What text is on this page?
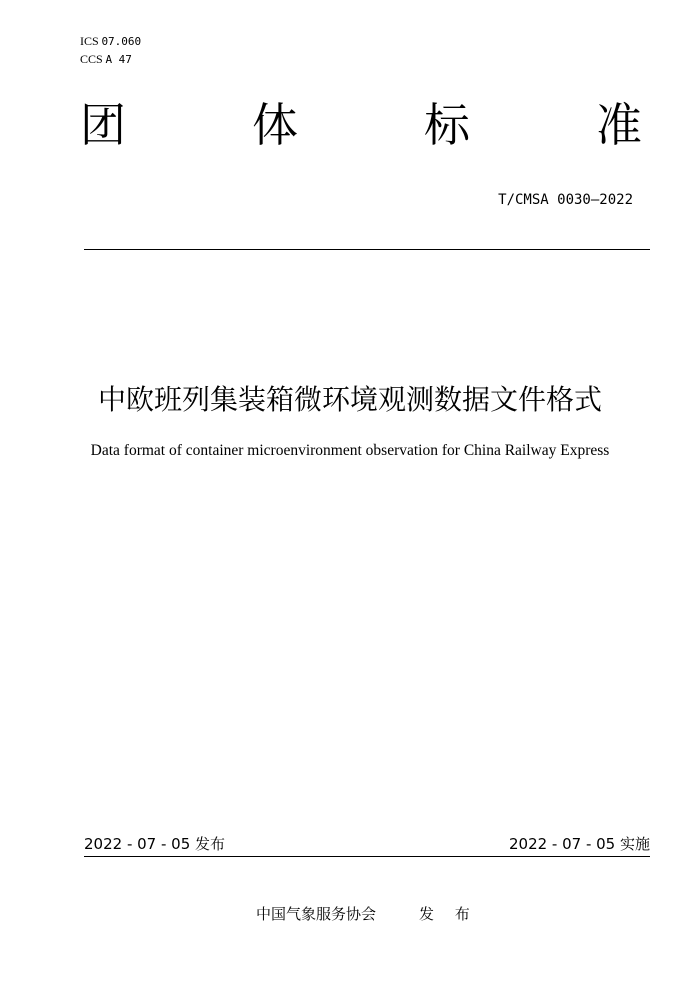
ICS 07.060
CCS A 47
团	体	标	准
T/CMSA 0030—2022
中欧班列集装箱微环境观测数据文件格式
Data format of container microenvironment observation for China Railway Express
2022 - 07 - 05 发布	2022 - 07 - 05 实施
中国气象服务协会	发 布
